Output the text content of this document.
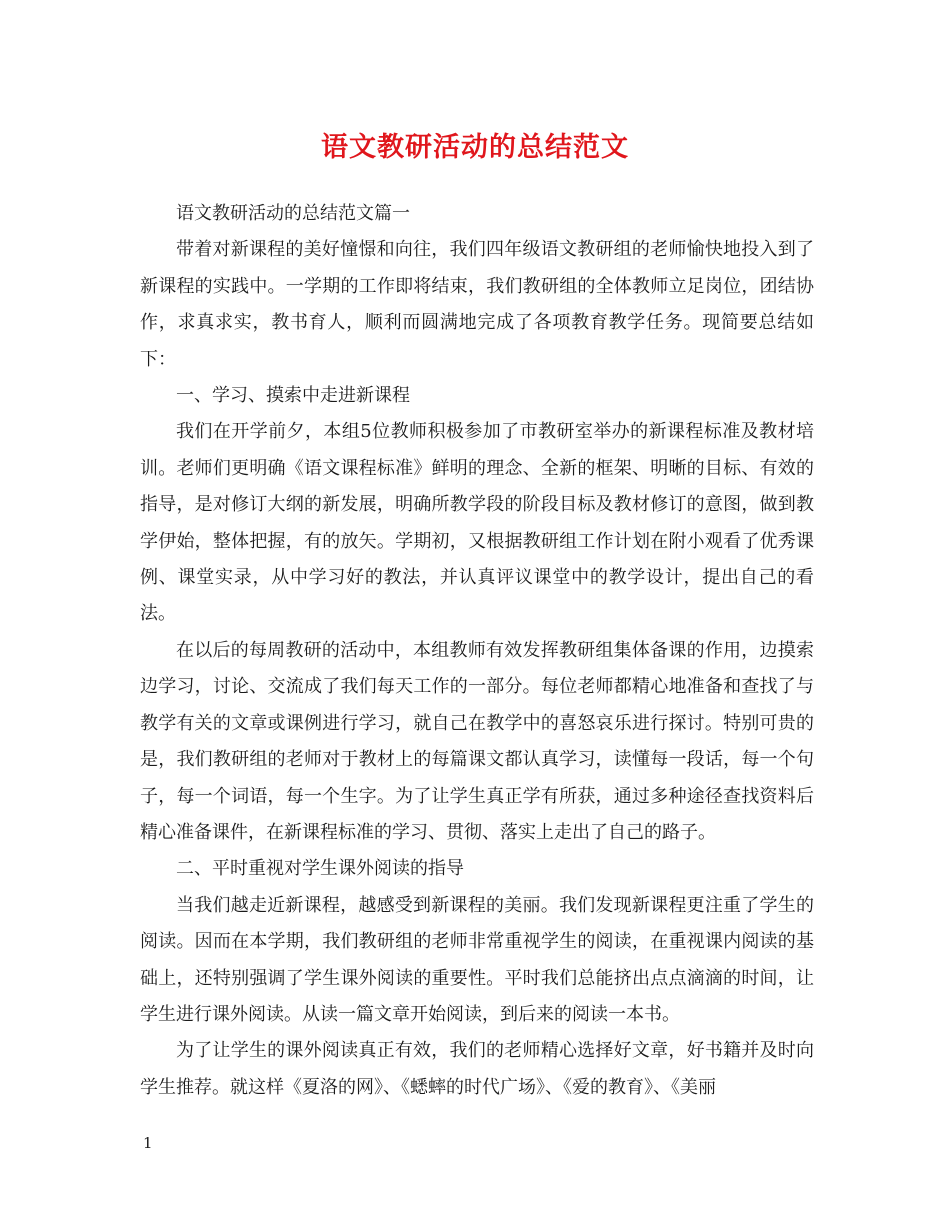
语文教研活动的总结范文

语文教研活动的总结范文篇一

带着对新课程的美好憧憬和向往，我们四年级语文教研组的老师愉快地投入到了新课程的实践中。一学期的工作即将结束，我们教研组的全体教师立足岗位，团结协作，求真求实，教书育人，顺利而圆满地完成了各项教育教学任务。现简要总结如下：

一、学习、摸索中走进新课程

我们在开学前夕，本组5位教师积极参加了市教研室举办的新课程标准及教材培训。老师们更明确《语文课程标准》鲜明的理念、全新的框架、明晰的目标、有效的指导，是对修订大纲的新发展，明确所教学段的阶段目标及教材修订的意图，做到教学伊始，整体把握，有的放矢。学期初，又根据教研组工作计划在附小观看了优秀课例、课堂实录，从中学习好的教法，并认真评议课堂中的教学设计，提出自己的看法。

在以后的每周教研的活动中，本组教师有效发挥教研组集体备课的作用，边摸索边学习，讨论、交流成了我们每天工作的一部分。每位老师都精心地准备和查找了与教学有关的文章或课例进行学习，就自己在教学中的喜怒哀乐进行探讨。特别可贵的是，我们教研组的老师对于教材上的每篇课文都认真学习，读懂每一段话，每一个句子，每一个词语，每一个生字。为了让学生真正学有所获，通过多种途径查找资料后精心准备课件，在新课程标准的学习、贯彻、落实上走出了自己的路子。

二、平时重视对学生课外阅读的指导

当我们越走近新课程，越感受到新课程的美丽。我们发现新课程更注重了学生的阅读。因而在本学期，我们教研组的老师非常重视学生的阅读，在重视课内阅读的基础上，还特别强调了学生课外阅读的重要性。平时我们总能挤出点点滴滴的时间，让学生进行课外阅读。从读一篇文章开始阅读，到后来的阅读一本书。

为了让学生的课外阅读真正有效，我们的老师精心选择好文章，好书籍并及时向学生推荐。就这样《夏洛的网》、《蟋蟀的时代广场》、《爱的教育》、《美丽

1
